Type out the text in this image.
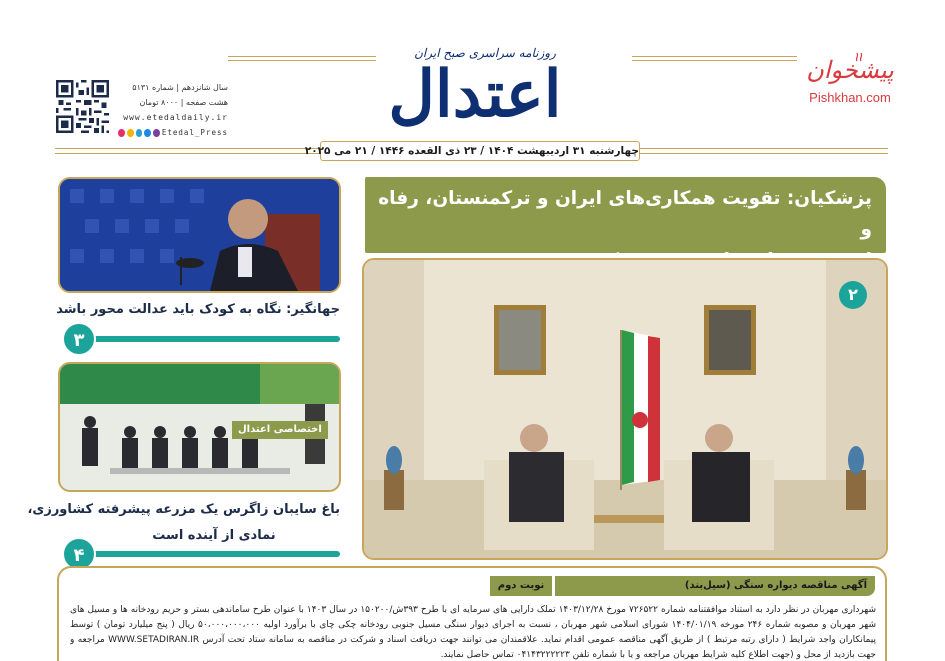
پیشخوان
Pishkhan.com
روزنامه سراسری صبح ایران
اعتدال
سال شانزدهم | شماره ۵۱۳۱
هشت صفحه | ۸۰۰۰ تومان
www.etedaldaily.ir
Etedal_Press
چهارشنبه ۳۱ اردیبهشت ۱۴۰۴ / ۲۳ ذی القعده ۱۴۴۶ / ۲۱ می ۲۰۲۵
پزشکیان: تقویت همکاری‌های ایران و ترکمنستان، رفاه و

۲
جهانگیر: نگاه به کودک باید عدالت محور باشد
۳
اختصاصی اعتدال
باغ سایبان زاگرس یک مزرعه پیشرفته کشاورزی،
نمادی از آینده است
۴
آگهی مناقصه دیواره سنگی (سیل‌بند)
نوبت دوم
شهرداری مهربان در نظر دارد به استناد موافقتنامه شماره ۷۲۶۵۲۲ مورخ ۱۴۰۳/۱۲/۲۸ تملک دارایی های سرمایه ای با طرح ۳۹۳ش/۱۵۰۲۰۰ در سال ۱۴۰۳ با عنوان طرح ساماندهی بستر و حریم رودخانه ها و مسیل های شهر مهربان و مصوبه شماره ۲۴۶ مورخه ۱۴۰۴/۰۱/۱۹ شورای اسلامی شهر مهربان ، نسبت به اجرای دیوار سنگی مسیل جنوبی رودخانه چکی چای با برآورد اولیه ۵۰،۰۰۰،۰۰۰،۰۰۰ ریال ( پنج میلیارد تومان ) توسط پیمانکاران واجد شرایط ( دارای رتبه مرتبط ) از طریق آگهی مناقصه عمومی اقدام نماید. علاقمندان می توانند جهت دریافت اسناد و شرکت در مناقصه به سامانه ستاد تحت آدرس WWW.SETADIRAN.IR مراجعه و جهت بازدید از محل و (جهت اطلاع کلیه شرایط مهربان مراجعه و یا با شماره تلفن ۰۴۱۴۳۲۲۲۲۲۳ تماس حاصل نمایند.
